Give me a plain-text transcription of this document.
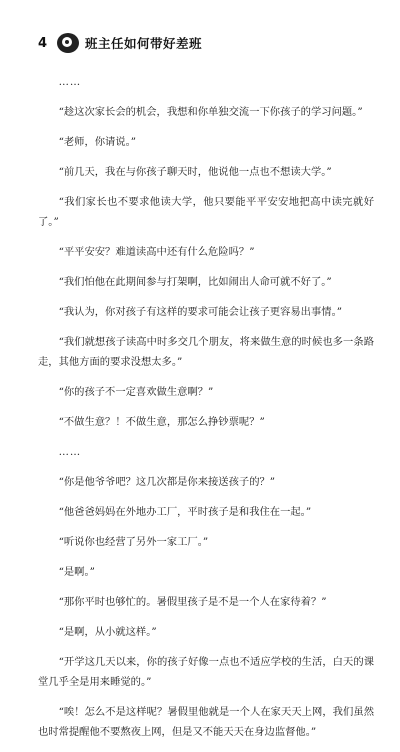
4	班主任如何带好差班

……

“趁这次家长会的机会，我想和你单独交流一下你孩子的学习问题。”

“老师，你请说。”

“前几天，我在与你孩子聊天时，他说他一点也不想读大学。”

“我们家长也不要求他读大学，他只要能平平安安地把高中读完就好了。”

“平平安安？难道读高中还有什么危险吗？”

“我们怕他在此期间参与打架啊，比如闹出人命可就不好了。”

“我认为，你对孩子有这样的要求可能会让孩子更容易出事情。”

“我们就想孩子读高中时多交几个朋友，将来做生意的时候也多一条路走，其他方面的要求没想太多。”

“你的孩子不一定喜欢做生意啊？”

“不做生意？！不做生意，那怎么挣钞票呢？”

……

“你是他爷爷吧？这几次都是你来接送孩子的？”

“他爸爸妈妈在外地办工厂，平时孩子是和我住在一起。”

“听说你也经营了另外一家工厂。”

“是啊。”

“那你平时也够忙的。暑假里孩子是不是一个人在家待着？”

“是啊，从小就这样。”

“开学这几天以来，你的孩子好像一点也不适应学校的生活，白天的课堂几乎全是用来睡觉的。”

“唉！怎么不是这样呢？暑假里他就是一个人在家天天上网，我们虽然也时常提醒他不要熬夜上网，但是又不能天天在身边监督他。”
